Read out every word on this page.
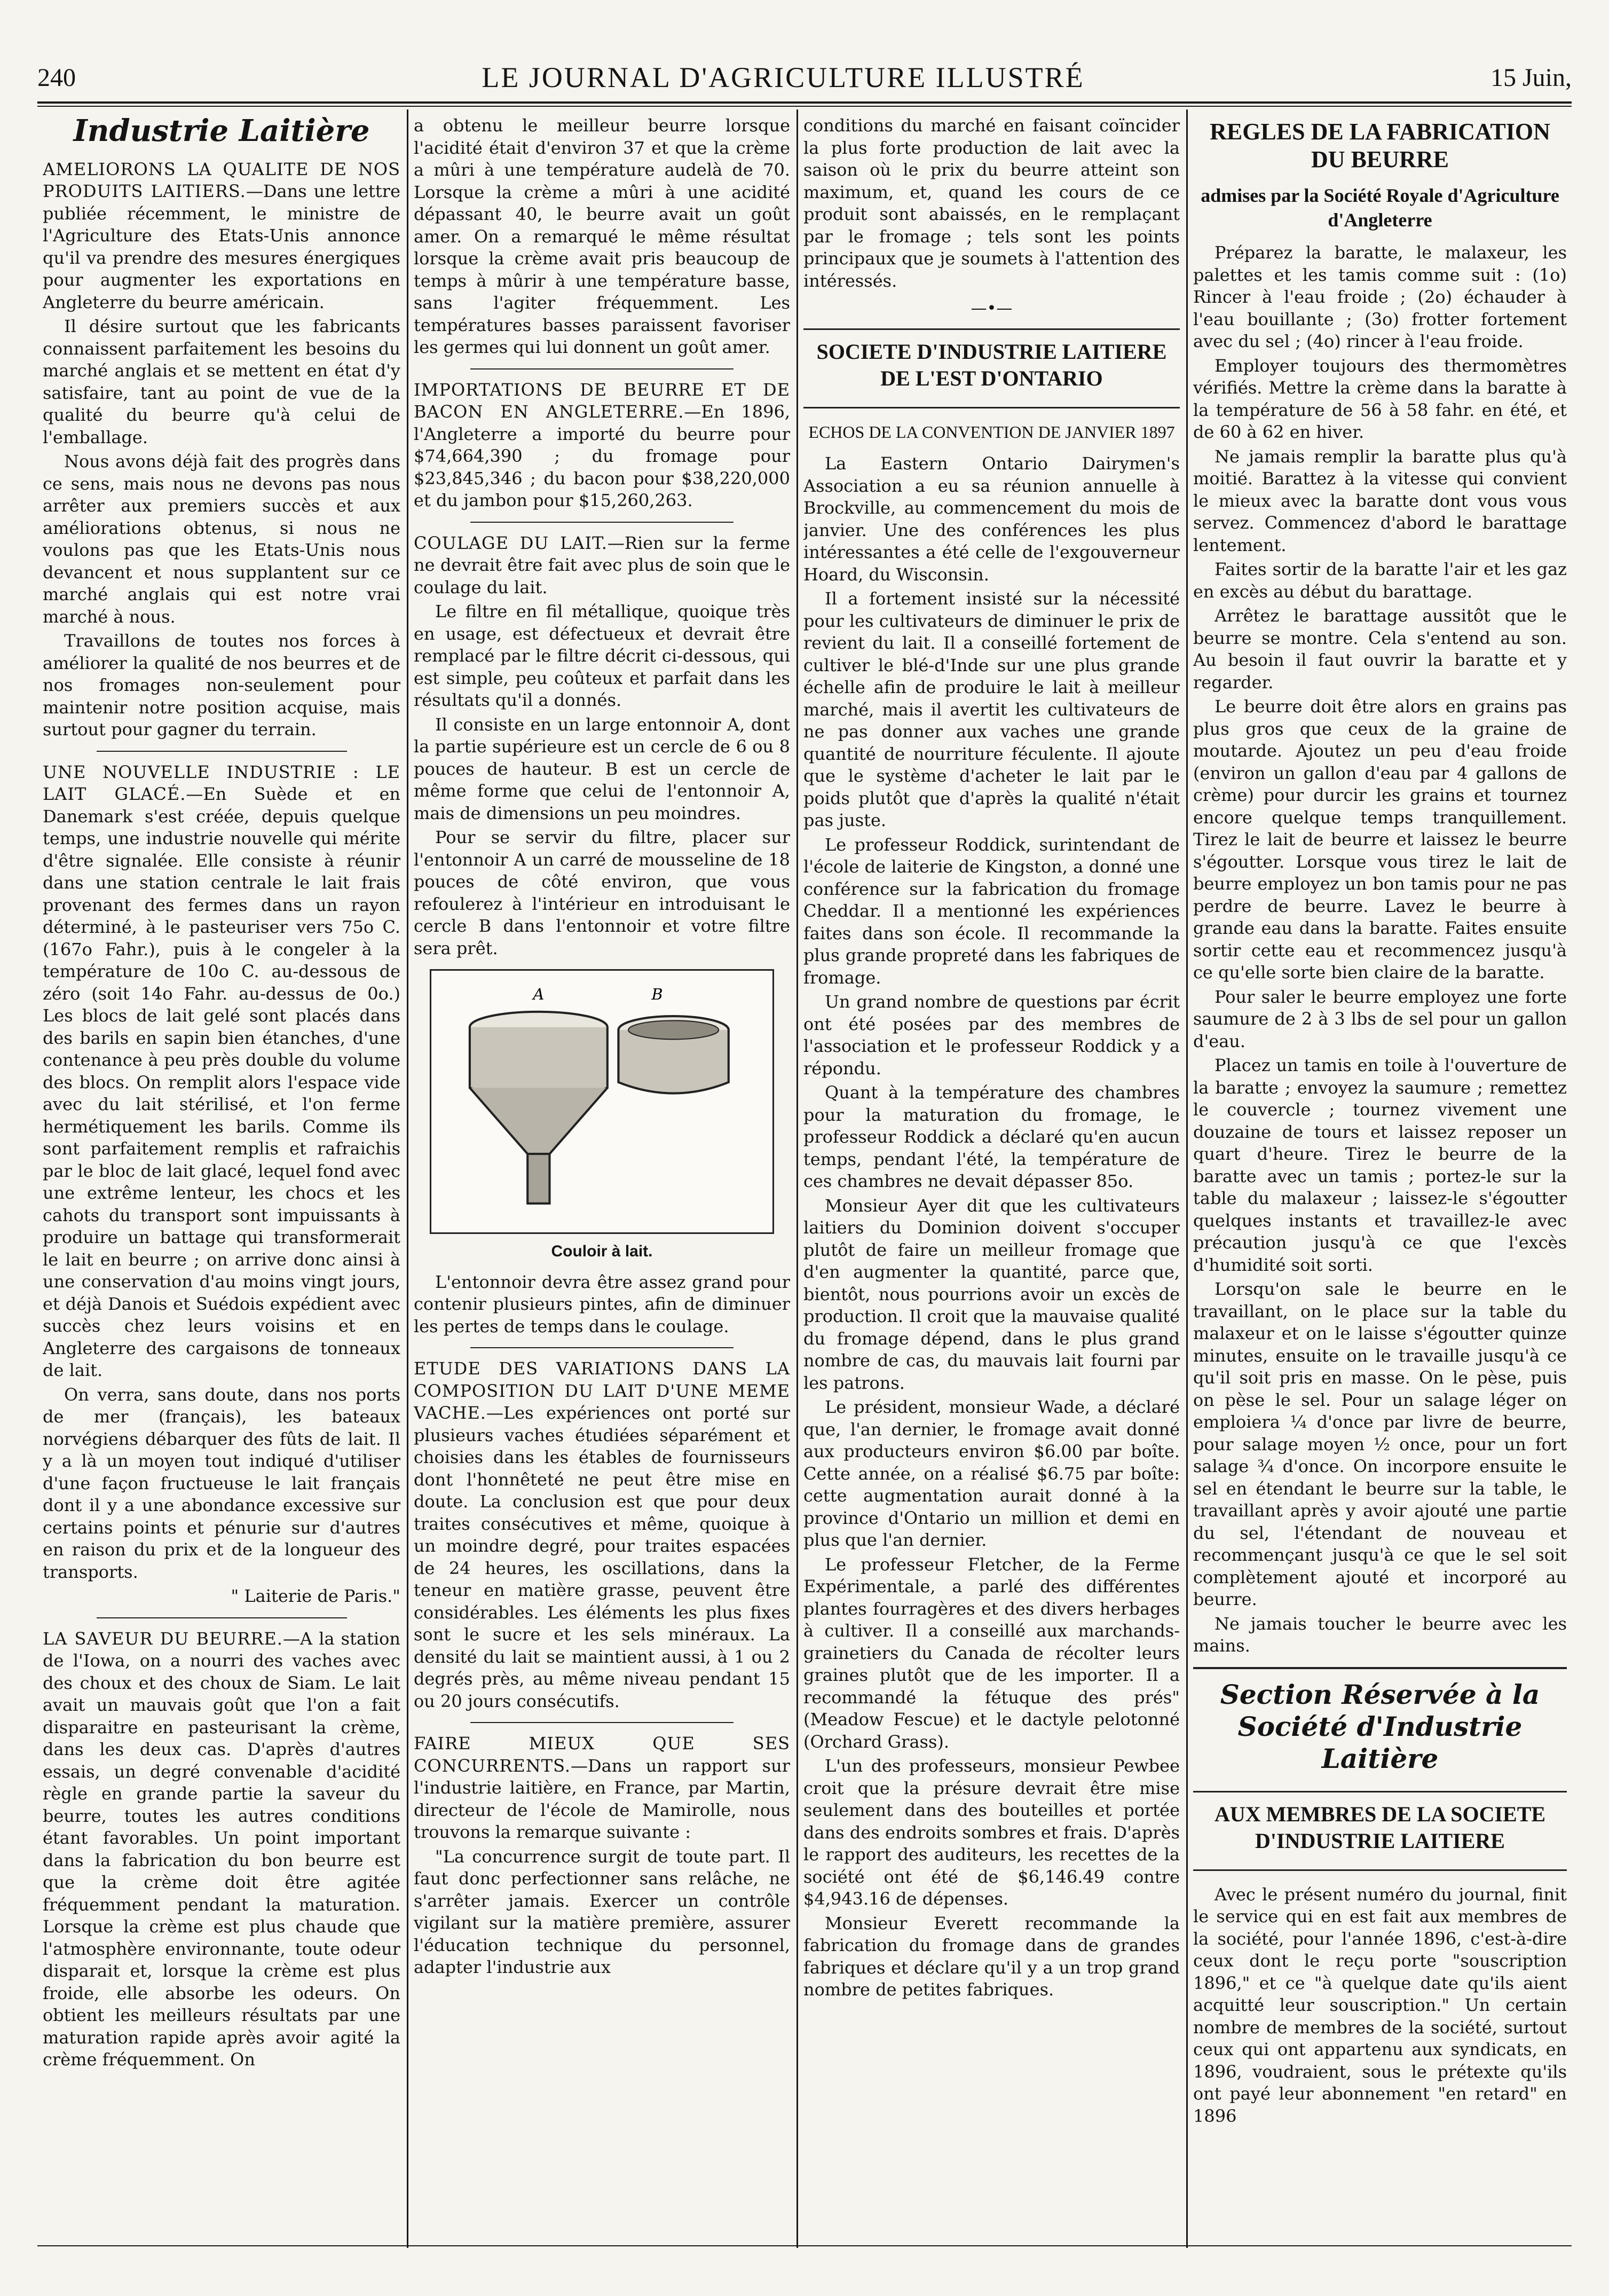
240	LE JOURNAL D'AGRICULTURE ILLUSTRÉ	15 Juin,
Industrie Laitière

AMELIORONS LA QUALITE DE NOS PRODUITS LAITIERS.—Dans une lettre publiée récemment, le ministre de l'Agriculture des Etats-Unis annonce qu'il va prendre des mesures énergiques pour augmenter les exportations en Angleterre du beurre américain.

Il désire surtout que les fabricants connaissent parfaitement les besoins du marché anglais et se mettent en état d'y satisfaire, tant au point de vue de la qualité du beurre qu'à celui de l'emballage.

Nous avons déjà fait des progrès dans ce sens, mais nous ne devons pas nous arrêter aux premiers succès et aux améliorations obtenus, si nous ne voulons pas que les Etats-Unis nous devancent et nous supplantent sur ce marché anglais qui est notre vrai marché à nous.

Travaillons de toutes nos forces à améliorer la qualité de nos beurres et de nos fromages non-seulement pour maintenir notre position acquise, mais surtout pour gagner du terrain.

UNE NOUVELLE INDUSTRIE : LE LAIT GLACÉ.—En Suède et en Danemark s'est créée, depuis quelque temps, une industrie nouvelle qui mérite d'être signalée. Elle consiste à réunir dans une station centrale le lait frais provenant des fermes dans un rayon déterminé, à le pasteuriser vers 75o C. (167o Fahr.), puis à le congeler à la température de 10o C. au-dessous de zéro (soit 14o Fahr. au-dessus de 0o.) Les blocs de lait gelé sont placés dans des barils en sapin bien étanches, d'une contenance à peu près double du volume des blocs. On remplit alors l'espace vide avec du lait stérilisé, et l'on ferme hermétiquement les barils. Comme ils sont parfaitement remplis et rafraichis par le bloc de lait glacé, lequel fond avec une extrême lenteur, les chocs et les cahots du transport sont impuissants à produire un battage qui transformerait le lait en beurre ; on arrive donc ainsi à une conservation d'au moins vingt jours, et déjà Danois et Suédois expédient avec succès chez leurs voisins et en Angleterre des cargaisons de tonneaux de lait.

On verra, sans doute, dans nos ports de mer (français), les bateaux norvégiens débarquer des fûts de lait. Il y a là un moyen tout indiqué d'utiliser d'une façon fructueuse le lait français dont il y a une abondance excessive sur certains points et pénurie sur d'autres en raison du prix et de la longueur des transports.

" Laiterie de Paris."

LA SAVEUR DU BEURRE.—A la station de l'Iowa, on a nourri des vaches avec des choux et des choux de Siam. Le lait avait un mauvais goût que l'on a fait disparaitre en pasteurisant la crème, dans les deux cas. D'après d'autres essais, un degré convenable d'acidité règle en grande partie la saveur du beurre, toutes les autres conditions étant favorables. Un point important dans la fabrication du bon beurre est que la crème doit être agitée fréquemment pendant la maturation. Lorsque la crème est plus chaude que l'atmosphère environnante, toute odeur disparait et, lorsque la crème est plus froide, elle absorbe les odeurs. On obtient les meilleurs résultats par une maturation rapide après avoir agité la crème fréquemment. On

a obtenu le meilleur beurre lorsque l'acidité était d'environ 37 et que la crème a mûri à une température audelà de 70. Lorsque la crème a mûri à une acidité dépassant 40, le beurre avait un goût amer. On a remarqué le même résultat lorsque la crème avait pris beaucoup de temps à mûrir à une température basse, sans l'agiter fréquemment. Les températures basses paraissent favoriser les germes qui lui donnent un goût amer.

IMPORTATIONS DE BEURRE ET DE BACON EN ANGLETERRE.—En 1896, l'Angleterre a importé du beurre pour $74,664,390 ; du fromage pour $23,845,346 ; du bacon pour $38,220,000 et du jambon pour $15,260,263.

COULAGE DU LAIT.—Rien sur la ferme ne devrait être fait avec plus de soin que le coulage du lait.

Le filtre en fil métallique, quoique très en usage, est défectueux et devrait être remplacé par le filtre décrit ci-dessous, qui est simple, peu coûteux et parfait dans les résultats qu'il a donnés.

Il consiste en un large entonnoir A, dont la partie supérieure est un cercle de 6 ou 8 pouces de hauteur. B est un cercle de même forme que celui de l'entonnoir A, mais de dimensions un peu moindres.

Pour se servir du filtre, placer sur l'entonnoir A un carré de mousseline de 18 pouces de côté environ, que vous refoulerez à l'intérieur en introduisant le cercle B dans l'entonnoir et votre filtre sera prêt.

A	B
Couloir à lait.

L'entonnoir devra être assez grand pour contenir plusieurs pintes, afin de diminuer les pertes de temps dans le coulage.

ETUDE DES VARIATIONS DANS LA COMPOSITION DU LAIT D'UNE MEME VACHE.—Les expériences ont porté sur plusieurs vaches étudiées séparément et choisies dans les étables de fournisseurs dont l'honnêteté ne peut être mise en doute. La conclusion est que pour deux traites consécutives et même, quoique à un moindre degré, pour traites espacées de 24 heures, les oscillations, dans la teneur en matière grasse, peuvent être considérables. Les éléments les plus fixes sont le sucre et les sels minéraux. La densité du lait se maintient aussi, à 1 ou 2 degrés près, au même niveau pendant 15 ou 20 jours consécutifs.

FAIRE MIEUX QUE SES CONCURRENTS.—Dans un rapport sur l'industrie laitière, en France, par Martin, directeur de l'école de Mamirolle, nous trouvons la remarque suivante :

"La concurrence surgit de toute part. Il faut donc perfectionner sans relâche, ne s'arrêter jamais. Exercer un contrôle vigilant sur la matière première, assurer l'éducation technique du personnel, adapter l'industrie aux

conditions du marché en faisant coïncider la plus forte production de lait avec la saison où le prix du beurre atteint son maximum, et, quand les cours de ce produit sont abaissés, en le remplaçant par le fromage ; tels sont les points principaux que je soumets à l'attention des intéressés.

—•—
SOCIETE D'INDUSTRIE LAITIERE DE L'EST D'ONTARIO
ECHOS DE LA CONVENTION DE JANVIER 1897

La Eastern Ontario Dairymen's Association a eu sa réunion annuelle à Brockville, au commencement du mois de janvier. Une des conférences les plus intéressantes a été celle de l'exgouverneur Hoard, du Wisconsin.

Il a fortement insisté sur la nécessité pour les cultivateurs de diminuer le prix de revient du lait. Il a conseillé fortement de cultiver le blé-d'Inde sur une plus grande échelle afin de produire le lait à meilleur marché, mais il avertit les cultivateurs de ne pas donner aux vaches une grande quantité de nourriture féculente. Il ajoute que le système d'acheter le lait par le poids plutôt que d'après la qualité n'était pas juste.

Le professeur Roddick, surintendant de l'école de laiterie de Kingston, a donné une conférence sur la fabrication du fromage Cheddar. Il a mentionné les expériences faites dans son école. Il recommande la plus grande propreté dans les fabriques de fromage.

Un grand nombre de questions par écrit ont été posées par des membres de l'association et le professeur Roddick y a répondu.

Quant à la température des chambres pour la maturation du fromage, le professeur Roddick a déclaré qu'en aucun temps, pendant l'été, la température de ces chambres ne devait dépasser 85o.

Monsieur Ayer dit que les cultivateurs laitiers du Dominion doivent s'occuper plutôt de faire un meilleur fromage que d'en augmenter la quantité, parce que, bientôt, nous pourrions avoir un excès de production. Il croit que la mauvaise qualité du fromage dépend, dans le plus grand nombre de cas, du mauvais lait fourni par les patrons.

Le président, monsieur Wade, a déclaré que, l'an dernier, le fromage avait donné aux producteurs environ $6.00 par boîte. Cette année, on a réalisé $6.75 par boîte: cette augmentation aurait donné à la province d'Ontario un million et demi en plus que l'an dernier.

Le professeur Fletcher, de la Ferme Expérimentale, a parlé des différentes plantes fourragères et des divers herbages à cultiver. Il a conseillé aux marchands-grainetiers du Canada de récolter leurs graines plutôt que de les importer. Il a recommandé la fétuque des prés" (Meadow Fescue) et le dactyle pelotonné (Orchard Grass).

L'un des professeurs, monsieur Pewbee croit que la présure devrait être mise seulement dans des bouteilles et portée dans des endroits sombres et frais. D'après le rapport des auditeurs, les recettes de la société ont été de $6,146.49 contre $4,943.16 de dépenses.

Monsieur Everett recommande la fabrication du fromage dans de grandes fabriques et déclare qu'il y a un trop grand nombre de petites fabriques.

REGLES DE LA FABRICATION DU BEURRE
admises par la Société Royale d'Agriculture d'Angleterre

Préparez la baratte, le malaxeur, les palettes et les tamis comme suit : (1o) Rincer à l'eau froide ; (2o) échauder à l'eau bouillante ; (3o) frotter fortement avec du sel ; (4o) rincer à l'eau froide.

Employer toujours des thermomètres vérifiés. Mettre la crème dans la baratte à la température de 56 à 58 fahr. en été, et de 60 à 62 en hiver.

Ne jamais remplir la baratte plus qu'à moitié. Barattez à la vitesse qui convient le mieux avec la baratte dont vous vous servez. Commencez d'abord le barattage lentement.

Faites sortir de la baratte l'air et les gaz en excès au début du barattage.

Arrêtez le barattage aussitôt que le beurre se montre. Cela s'entend au son. Au besoin il faut ouvrir la baratte et y regarder.

Le beurre doit être alors en grains pas plus gros que ceux de la graine de moutarde. Ajoutez un peu d'eau froide (environ un gallon d'eau par 4 gallons de crème) pour durcir les grains et tournez encore quelque temps tranquillement. Tirez le lait de beurre et laissez le beurre s'égoutter. Lorsque vous tirez le lait de beurre employez un bon tamis pour ne pas perdre de beurre. Lavez le beurre à grande eau dans la baratte. Faites ensuite sortir cette eau et recommencez jusqu'à ce qu'elle sorte bien claire de la baratte.

Pour saler le beurre employez une forte saumure de 2 à 3 lbs de sel pour un gallon d'eau.

Placez un tamis en toile à l'ouverture de la baratte ; envoyez la saumure ; remettez le couvercle ; tournez vivement une douzaine de tours et laissez reposer un quart d'heure. Tirez le beurre de la baratte avec un tamis ; portez-le sur la table du malaxeur ; laissez-le s'égoutter quelques instants et travaillez-le avec précaution jusqu'à ce que l'excès d'humidité soit sorti.

Lorsqu'on sale le beurre en le travaillant, on le place sur la table du malaxeur et on le laisse s'égoutter quinze minutes, ensuite on le travaille jusqu'à ce qu'il soit pris en masse. On le pèse, puis on pèse le sel. Pour un salage léger on emploiera ¼ d'once par livre de beurre, pour salage moyen ½ once, pour un fort salage ¾ d'once. On incorpore ensuite le sel en étendant le beurre sur la table, le travaillant après y avoir ajouté une partie du sel, l'étendant de nouveau et recommençant jusqu'à ce que le sel soit complètement ajouté et incorporé au beurre.

Ne jamais toucher le beurre avec les mains.

Section Réservée à la Société d'Industrie Laitière
AUX MEMBRES DE LA SOCIETE D'INDUSTRIE LAITIERE

Avec le présent numéro du journal, finit le service qui en est fait aux membres de la société, pour l'année 1896, c'est-à-dire ceux dont le reçu porte "souscription 1896," et ce "à quelque date qu'ils aient acquitté leur souscription." Un certain nombre de membres de la société, surtout ceux qui ont appartenu aux syndicats, en 1896, voudraient, sous le prétexte qu'ils ont payé leur abonnement "en retard" en 1896
